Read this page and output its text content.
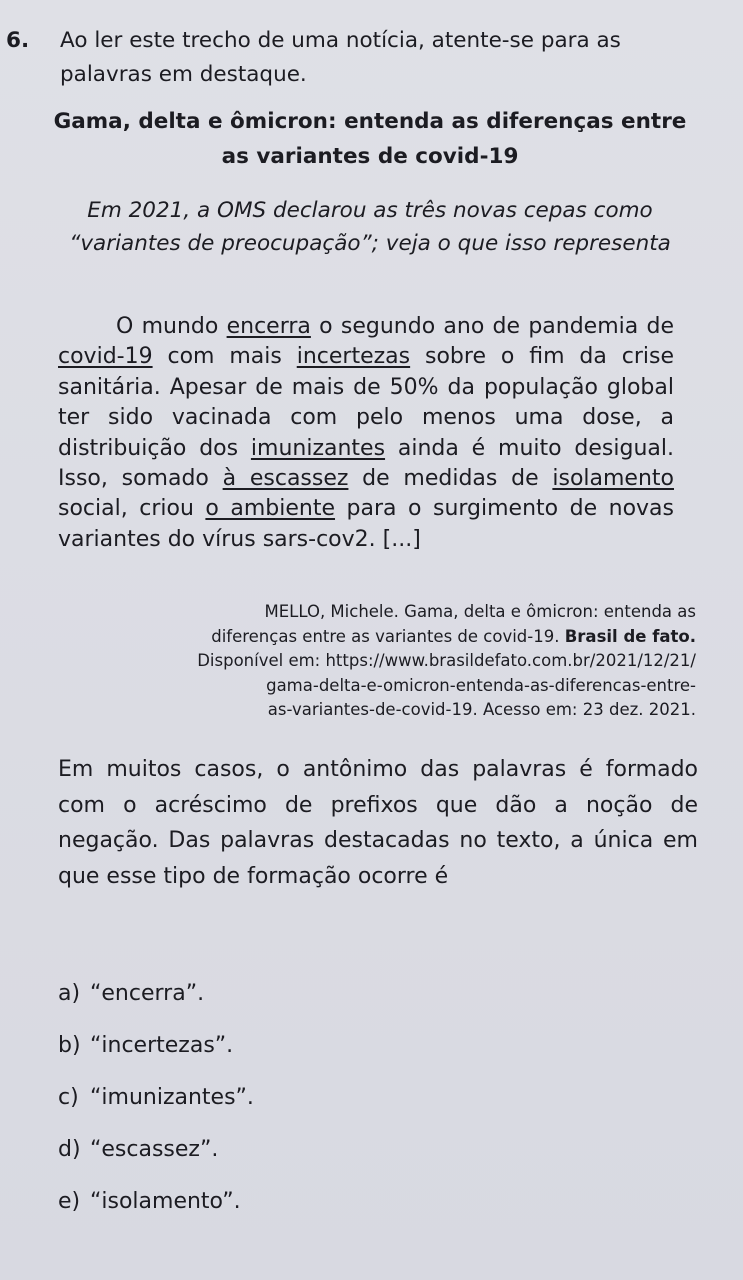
6. Ao ler este trecho de uma notícia, atente-se para as palavras em destaque.
Gama, delta e ômicron: entenda as diferenças entre as variantes de covid-19
Em 2021, a OMS declarou as três novas cepas como “variantes de preocupação”; veja o que isso representa

O mundo encerra o segundo ano de pandemia de covid-19 com mais incertezas sobre o fim da crise sanitária. Apesar de mais de 50% da população global ter sido vacinada com pelo menos uma dose, a distribuição dos imunizantes ainda é muito desigual. Isso, somado à escassez de medidas de isolamento social, criou o ambiente para o surgimento de novas variantes do vírus sars-cov2. [...]

MELLO, Michele. Gama, delta e ômicron: entenda as
diferenças entre as variantes de covid-19. Brasil de fato.
Disponível em: https://www.brasildefato.com.br/2021/12/21/
gama-delta-e-omicron-entenda-as-diferencas-entre-
as-variantes-de-covid-19. Acesso em: 23 dez. 2021.
Em muitos casos, o antônimo das palavras é formado com o acréscimo de prefixos que dão a noção de negação. Das palavras destacadas no texto, a única em que esse tipo de formação ocorre é
a) “encerra”.
b) “incertezas”.
c) “imunizantes”.
d) “escassez”.
e) “isolamento”.
